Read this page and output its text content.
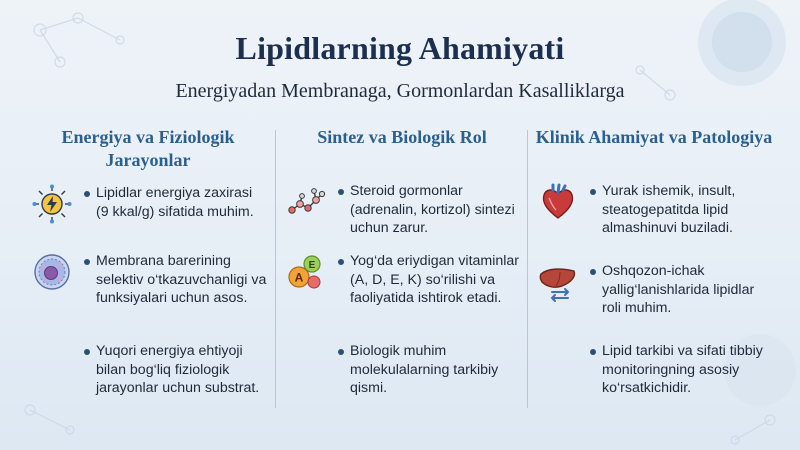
Lipidlarning Ahamiyati
Energiyadan Membranaga, Gormonlardan Kasalliklarga
Energiya va Fiziologik Jarayonlar
Lipidlar energiya zaxirasi (9 kkal/g) sifatida muhim.
Membrana barerining selektiv o‘tkazuvchanligi va funksiyalari uchun asos.
Yuqori energiya ehtiyoji bilan bog‘liq fiziologik jarayonlar uchun substrat.
Sintez va Biologik Rol
Steroid gormonlar (adrenalin, kortizol) sintezi uchun zarur.
A
E Yog‘da eriydigan vitaminlar (A, D, E, K) so‘rilishi va faoliyatida ishtirok etadi.
Biologik muhim molekulalarning tarkibiy qismi.
Klinik Ahamiyat va Patologiya
Yurak ishemik, insult, steatogepatitda lipid almashinuvi buziladi.
Oshqozon-ichak yallig‘lanishlarida lipidlar roli muhim.
Lipid tarkibi va sifati tibbiy monitoringning asosiy ko‘rsatkichidir.
